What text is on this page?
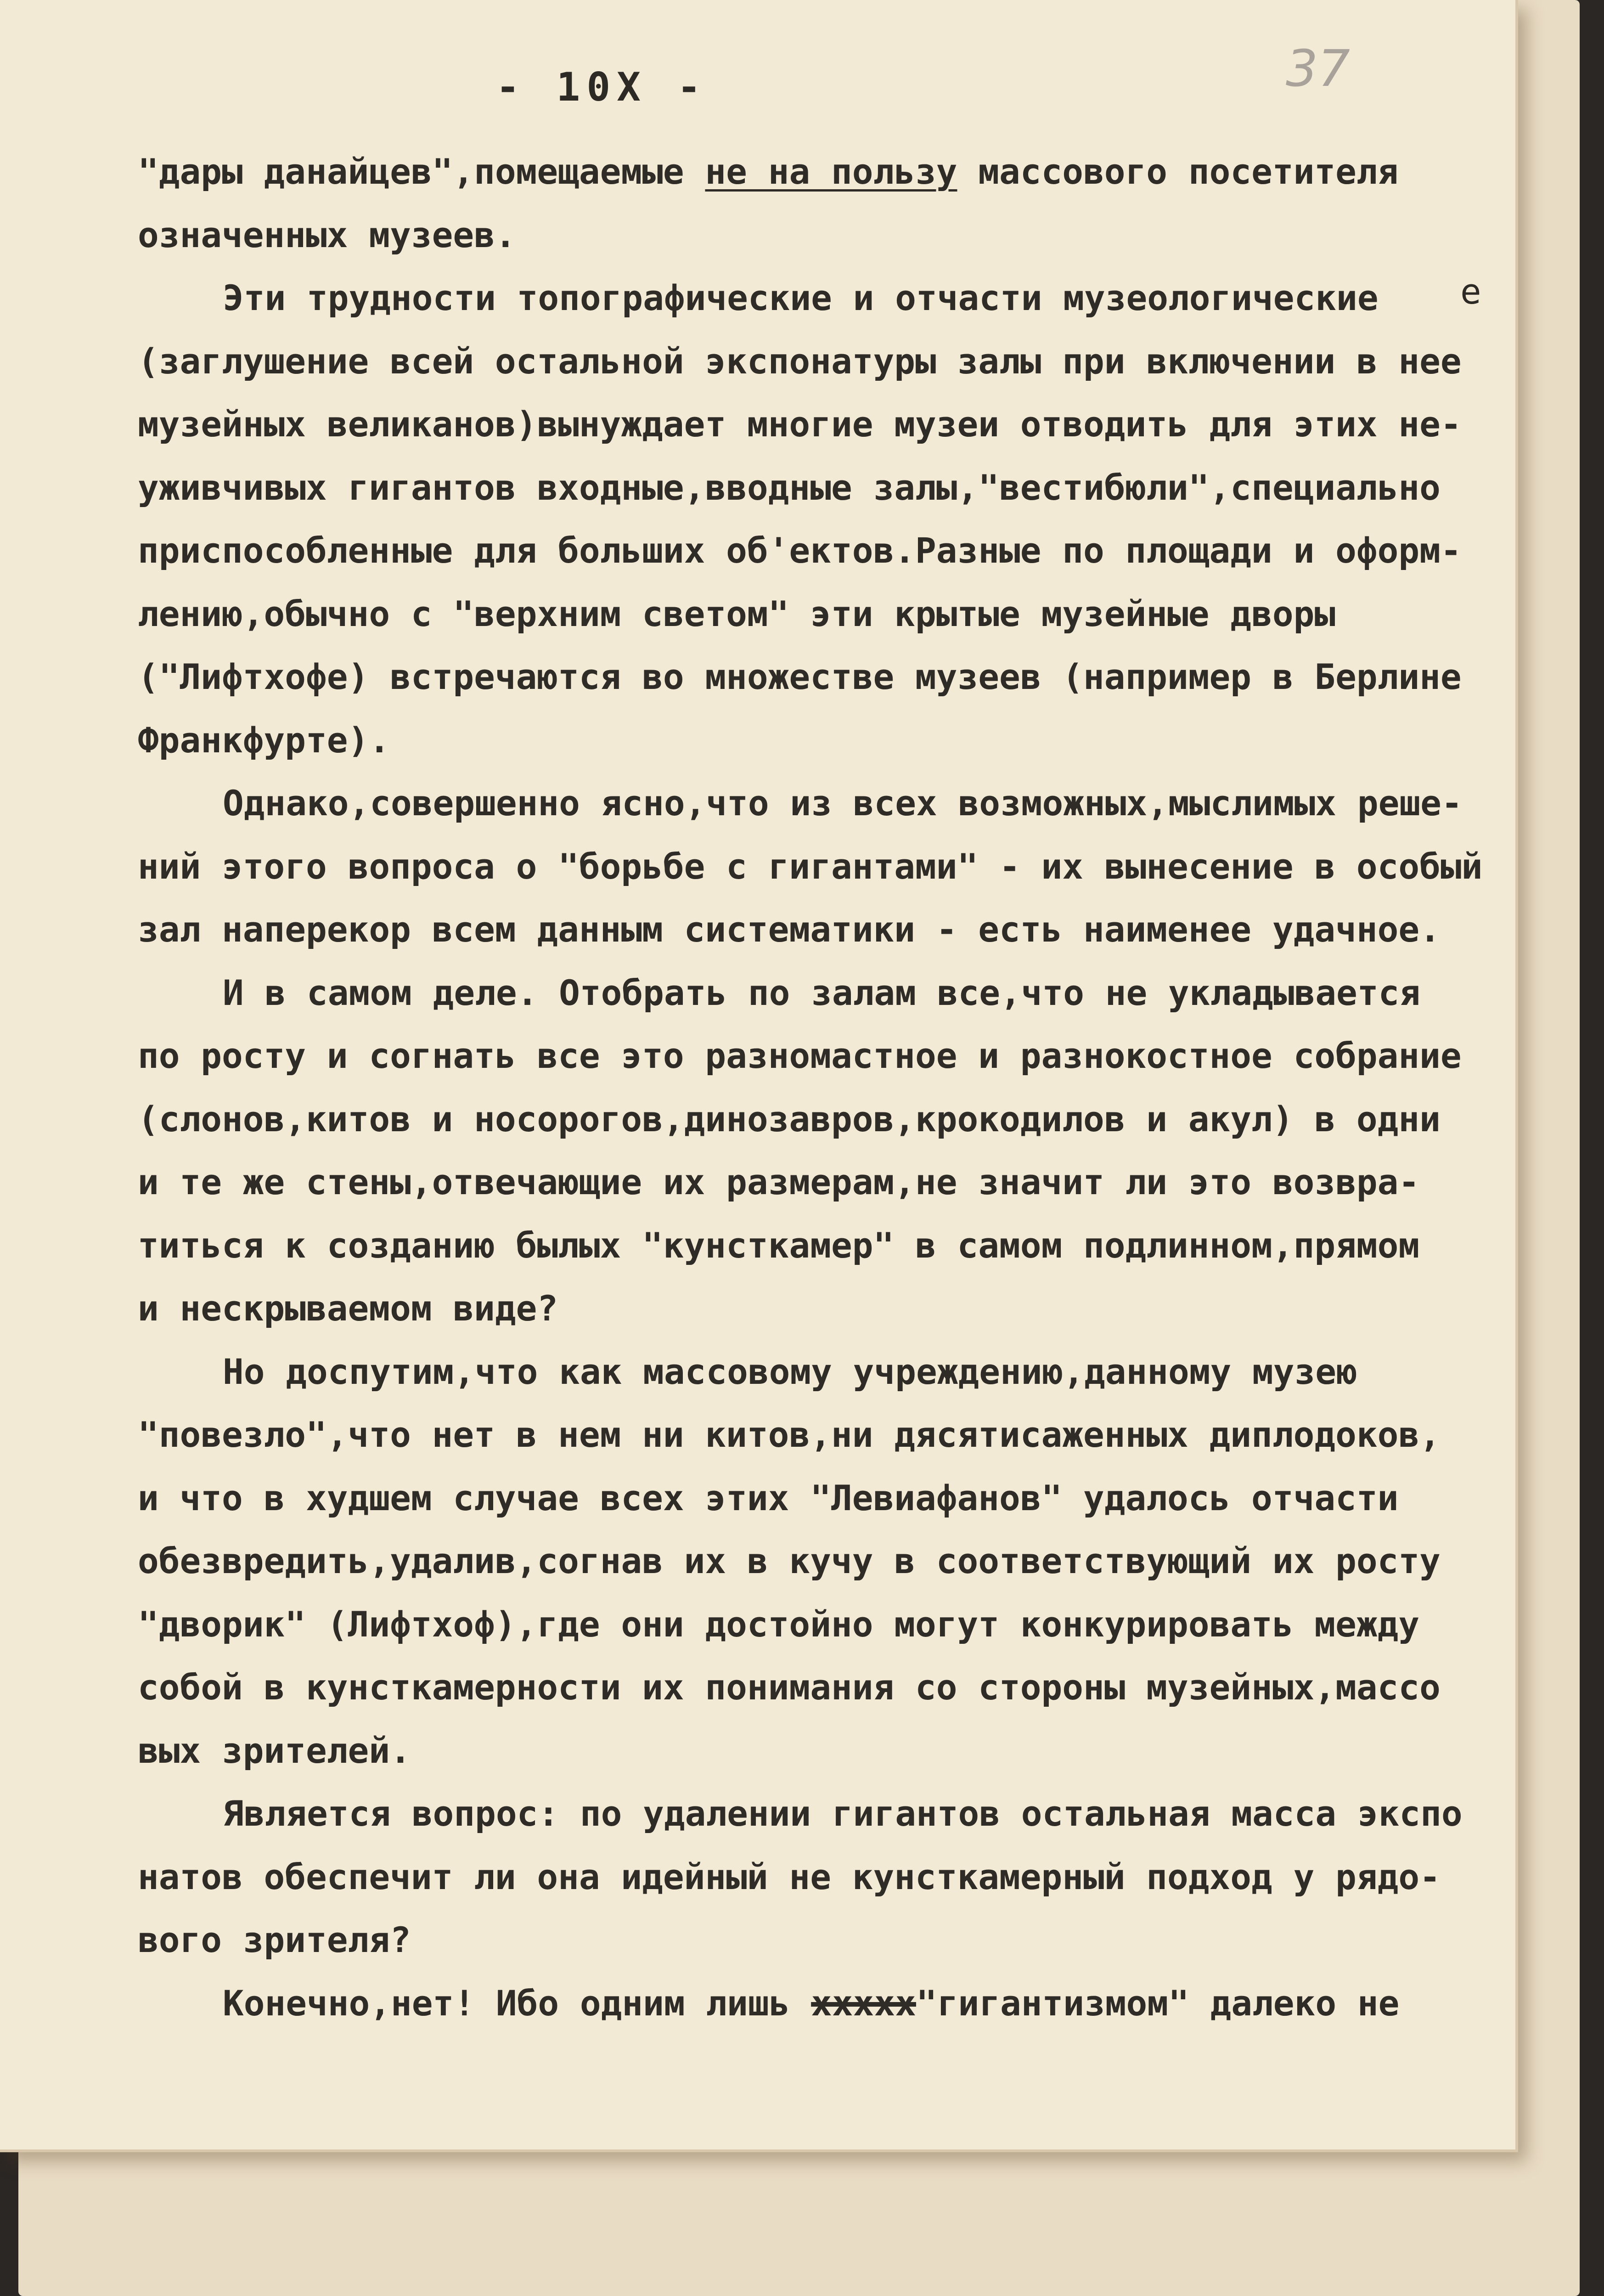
- 10X -	37
е
"дары данайцев",помещаемые не на пользу массового посетителя
означенных музеев.
Эти трудности топографические и отчасти музеологические
(заглушение всей остальной экспонатуры залы при включении в нее
музейных великанов)вынуждает многие музеи отводить для этих не-
уживчивых гигантов входные,вводные залы,"вестибюли",специально
приспособленные для больших об'ектов.Разные по площади и оформ-
лению,обычно с "верхним светом" эти крытые музейные дворы
("Лифтхофе) встречаются во множестве музеев (например в Берлине
Франкфурте).
Однако,совершенно ясно,что из всех возможных,мыслимых реше-
ний этого вопроса о "борьбе с гигантами" - их вынесение в особый
зал наперекор всем данным систематики - есть наименее удачное.
И в самом деле. Отобрать по залам все,что не укладывается
по росту и согнать все это разномастное и разнокостное собрание
(слонов,китов и носорогов,динозавров,крокодилов и акул) в одни
и те же стены,отвечающие их размерам,не значит ли это возвра-
титься к созданию былых "кунсткамер" в самом подлинном,прямом
и нескрываемом виде?
Но доспутим,что как массовому учреждению,данному музею
"повезло",что нет в нем ни китов,ни дясятисаженных диплодоков,
и что в худшем случае всех этих "Левиафанов" удалось отчасти
обезвредить,удалив,согнав их в кучу в соответствующий их росту
"дворик" (Лифтхоф),где они достойно могут конкурировать между
собой в кунсткамерности их понимания со стороны музейных,массо
вых зрителей.
Является вопрос: по удалении гигантов остальная масса экспо
натов обеспечит ли она идейный не кунсткамерный подход у рядо-
вого зрителя?
Конечно,нет! Ибо одним лишь xxxxx"гигантизмом" далеко не
